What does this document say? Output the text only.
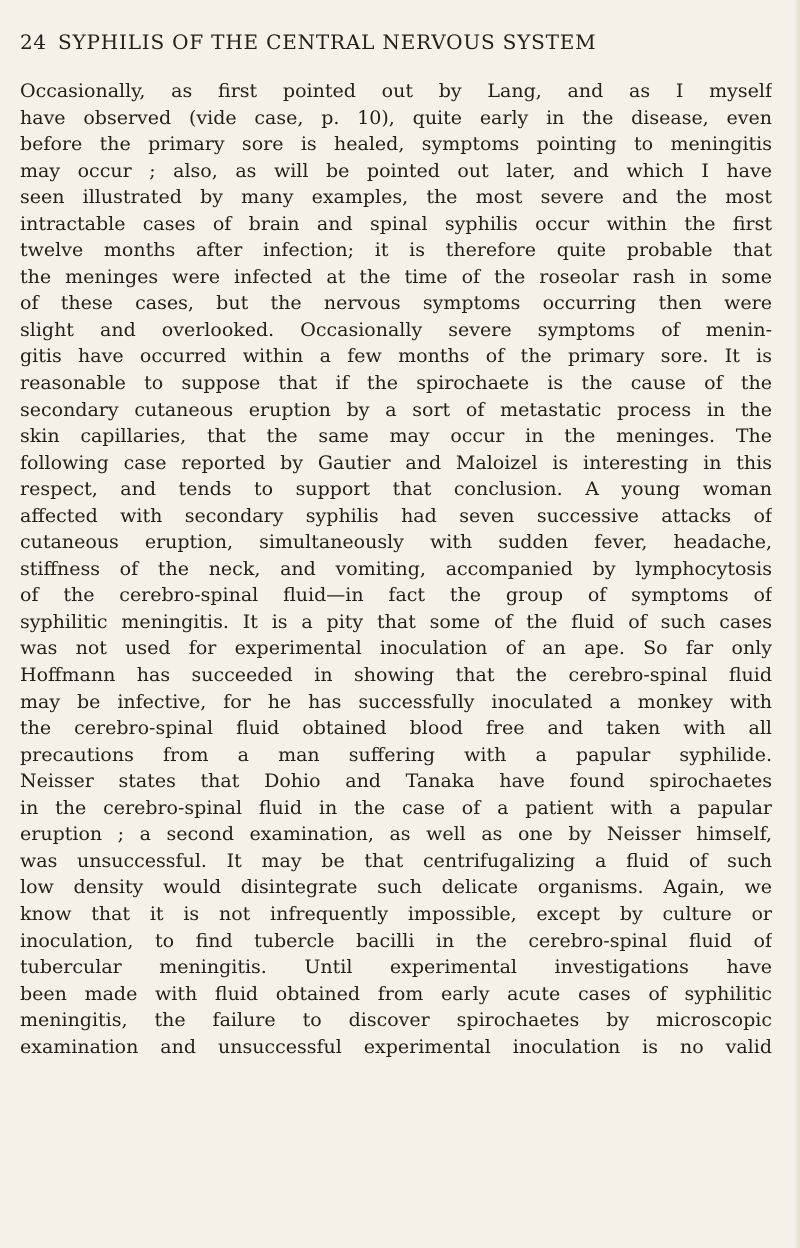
24 SYPHILIS OF THE CENTRAL NERVOUS SYSTEM
Occasionally, as first pointed out by Lang, and as I myself
have observed (vide case, p. 10), quite early in the disease, even
before the primary sore is healed, symptoms pointing to meningitis
may occur ; also, as will be pointed out later, and which I have
seen illustrated by many examples, the most severe and the most
intractable cases of brain and spinal syphilis occur within the first
twelve months after infection; it is therefore quite probable that
the meninges were infected at the time of the roseolar rash in some
of these cases, but the nervous symptoms occurring then were
slight and overlooked. Occasionally severe symptoms of menin-
gitis have occurred within a few months of the primary sore. It is
reasonable to suppose that if the spirochaete is the cause of the
secondary cutaneous eruption by a sort of metastatic process in the
skin capillaries, that the same may occur in the meninges. The
following case reported by Gautier and Maloizel is interesting in this
respect, and tends to support that conclusion. A young woman
affected with secondary syphilis had seven successive attacks of
cutaneous eruption, simultaneously with sudden fever, headache,
stiffness of the neck, and vomiting, accompanied by lymphocytosis
of the cerebro-spinal fluid—in fact the group of symptoms of
syphilitic meningitis. It is a pity that some of the fluid of such cases
was not used for experimental inoculation of an ape. So far only
Hoffmann has succeeded in showing that the cerebro-spinal fluid
may be infective, for he has successfully inoculated a monkey with
the cerebro-spinal fluid obtained blood free and taken with all
precautions from a man suffering with a papular syphilide.
Neisser states that Dohio and Tanaka have found spirochaetes
in the cerebro-spinal fluid in the case of a patient with a papular
eruption ; a second examination, as well as one by Neisser himself,
was unsuccessful. It may be that centrifugalizing a fluid of such
low density would disintegrate such delicate organisms. Again, we
know that it is not infrequently impossible, except by culture or
inoculation, to find tubercle bacilli in the cerebro-spinal fluid of
tubercular meningitis. Until experimental investigations have
been made with fluid obtained from early acute cases of syphilitic
meningitis, the failure to discover spirochaetes by microscopic
examination and unsuccessful experimental inoculation is no valid
